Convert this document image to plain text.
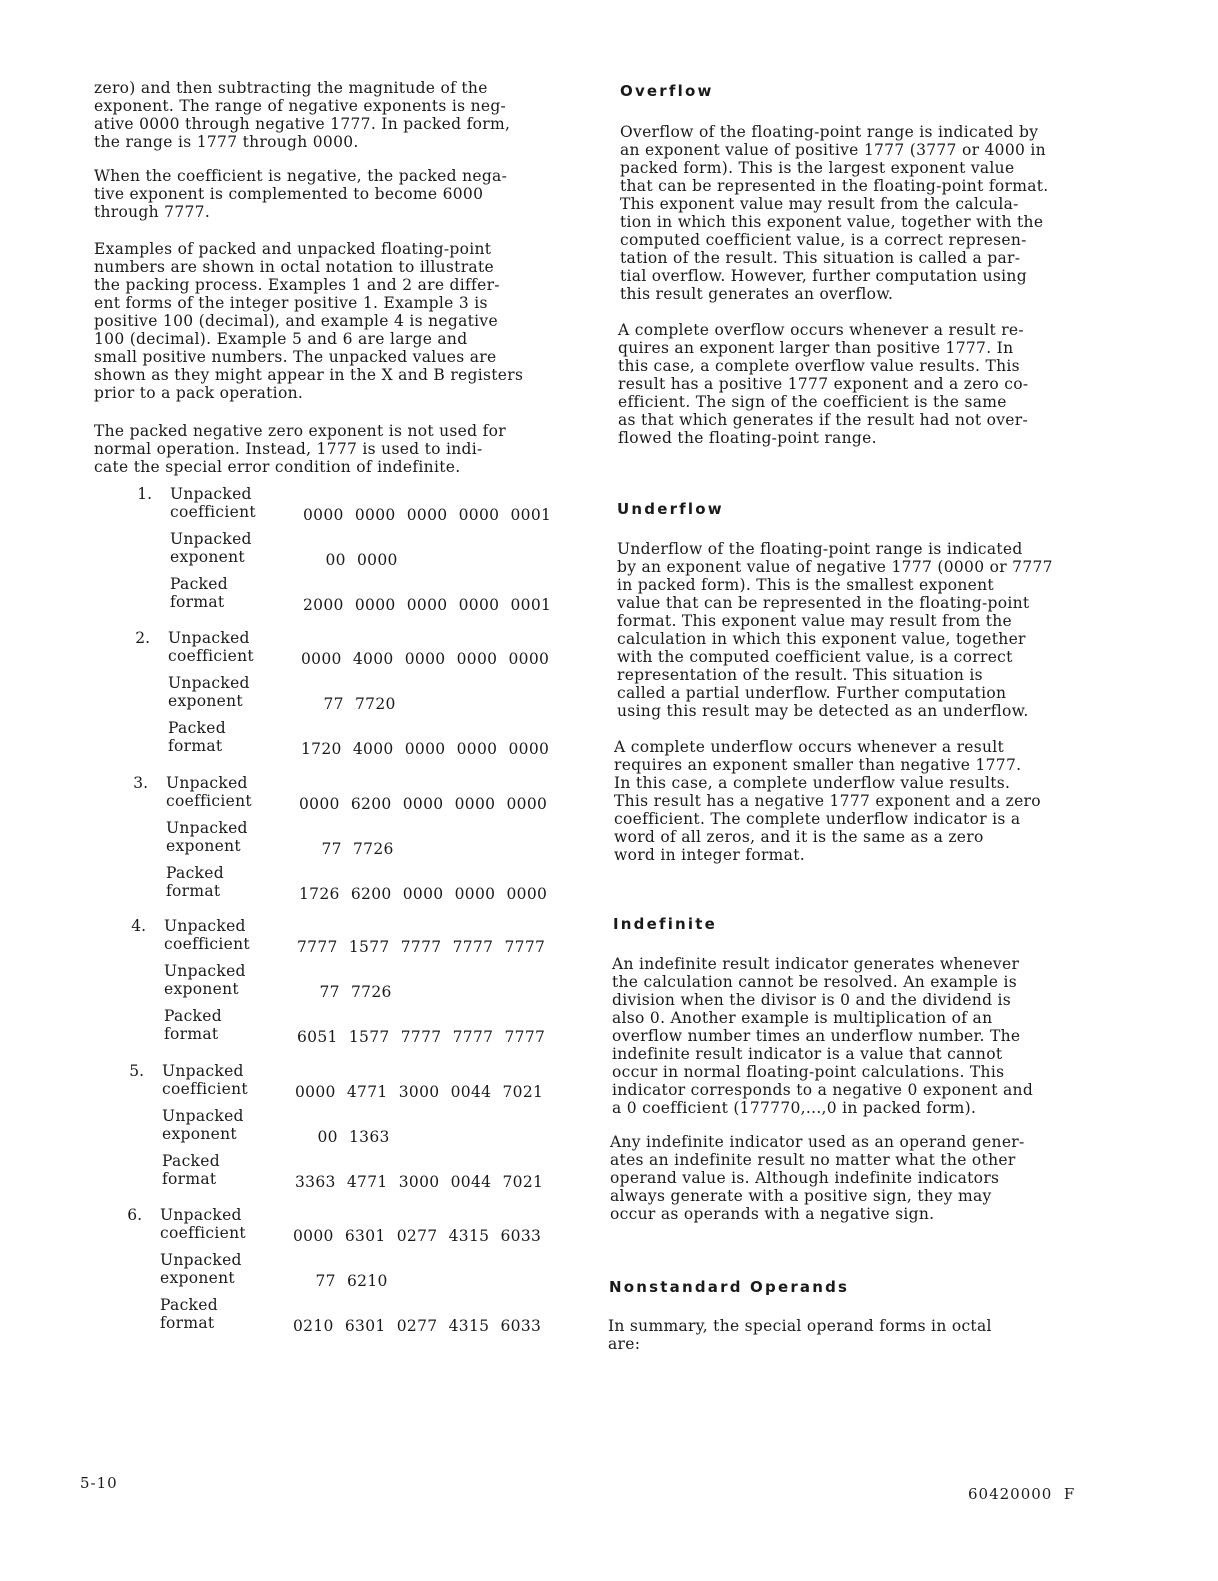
zero) and then subtracting the magnitude of the
exponent. The range of negative exponents is neg-
ative 0000 through negative 1777. In packed form,
the range is 1777 through 0000.
When the coefficient is negative, the packed nega-
tive exponent is complemented to become 6000
through 7777.
Examples of packed and unpacked floating-point
numbers are shown in octal notation to illustrate
the packing process. Examples 1 and 2 are differ-
ent forms of the integer positive 1. Example 3 is
positive 100 (decimal), and example 4 is negative
100 (decimal). Example 5 and 6 are large and
small positive numbers. The unpacked values are
shown as they might appear in the X and B registers
prior to a pack operation.
The packed negative zero exponent is not used for
normal operation. Instead, 1777 is used to indi-
cate the special error condition of indefinite.
1. Unpacked
coefficient	0000 0000 0000 0000 0001
Unpacked
exponent	00 0000
Packed
format	2000 0000 0000 0000 0001
2. Unpacked
coefficient	0000 4000 0000 0000 0000
Unpacked
exponent	77 7720
Packed
format	1720 4000 0000 0000 0000
3. Unpacked
coefficient	0000 6200 0000 0000 0000
Unpacked
exponent	77 7726
Packed
format	1726 6200 0000 0000 0000
4. Unpacked
coefficient	7777 1577 7777 7777 7777
Unpacked
exponent	77 7726
Packed
format	6051 1577 7777 7777 7777
5. Unpacked
coefficient	0000 4771 3000 0044 7021
Unpacked
exponent	00 1363
Packed
format	3363 4771 3000 0044 7021
6. Unpacked
coefficient	0000 6301 0277 4315 6033
Unpacked
exponent	77 6210
Packed
format	0210 6301 0277 4315 6033
Overflow
Overflow of the floating-point range is indicated by
an exponent value of positive 1777 (3777 or 4000 in
packed form). This is the largest exponent value
that can be represented in the floating-point format.
This exponent value may result from the calcula-
tion in which this exponent value, together with the
computed coefficient value, is a correct represen-
tation of the result. This situation is called a par-
tial overflow. However, further computation using
this result generates an overflow.
A complete overflow occurs whenever a result re-
quires an exponent larger than positive 1777. In
this case, a complete overflow value results. This
result has a positive 1777 exponent and a zero co-
efficient. The sign of the coefficient is the same
as that which generates if the result had not over-
flowed the floating-point range.
Underflow
Underflow of the floating-point range is indicated
by an exponent value of negative 1777 (0000 or 7777
in packed form). This is the smallest exponent
value that can be represented in the floating-point
format. This exponent value may result from the
calculation in which this exponent value, together
with the computed coefficient value, is a correct
representation of the result. This situation is
called a partial underflow. Further computation
using this result may be detected as an underflow.
A complete underflow occurs whenever a result
requires an exponent smaller than negative 1777.
In this case, a complete underflow value results.
This result has a negative 1777 exponent and a zero
coefficient. The complete underflow indicator is a
word of all zeros, and it is the same as a zero
word in integer format.
Indefinite
An indefinite result indicator generates whenever
the calculation cannot be resolved. An example is
division when the divisor is 0 and the dividend is
also 0. Another example is multiplication of an
overflow number times an underflow number. The
indefinite result indicator is a value that cannot
occur in normal floating-point calculations. This
indicator corresponds to a negative 0 exponent and
a 0 coefficient (177770,...,0 in packed form).
Any indefinite indicator used as an operand gener-
ates an indefinite result no matter what the other
operand value is. Although indefinite indicators
always generate with a positive sign, they may
occur as operands with a negative sign.
Nonstandard Operands
In summary, the special operand forms in octal
are:
5-10
60420000  F
